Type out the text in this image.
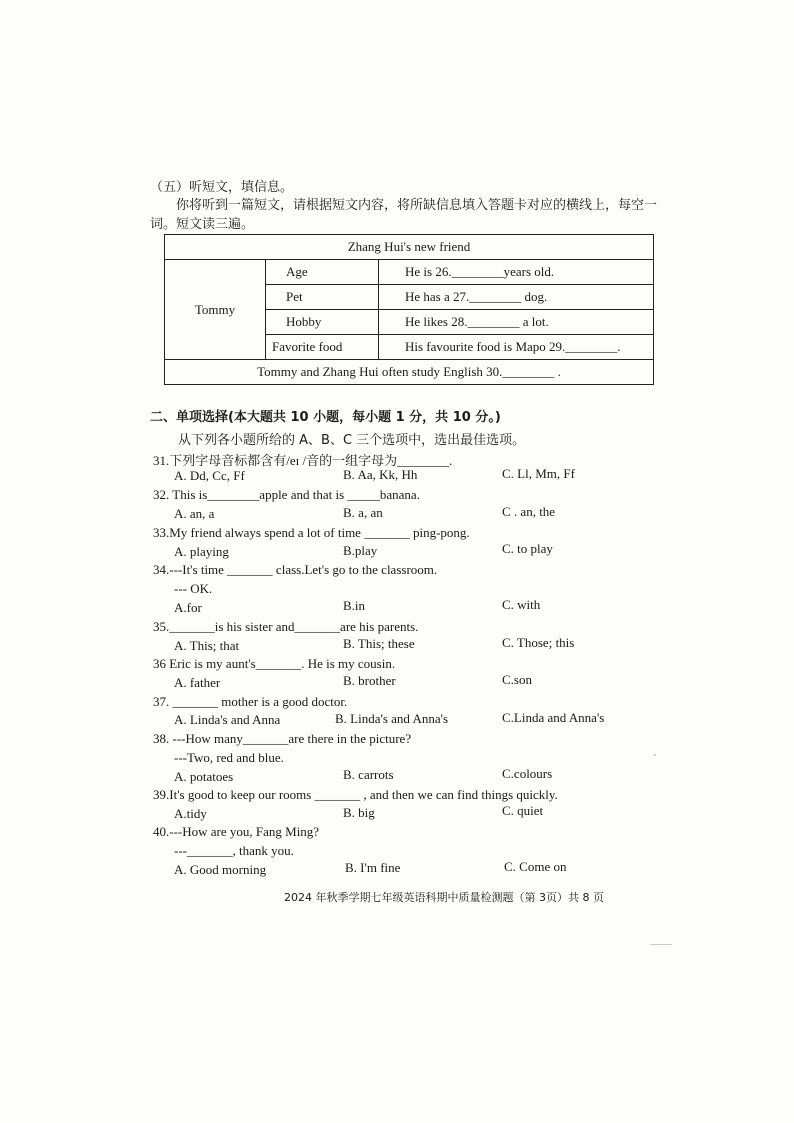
（五）听短文，填信息。
你将听到一篇短文，请根据短文内容，将所缺信息填入答题卡对应的横线上，每空一
词。短文读三遍。
Zhang Hui's new friend		
Tommy	Age	He is 26.________years old.
	Pet	He has a 27.________ dog.
	Hobby	He likes 28.________ a lot.
	Favorite food	His favourite food is Mapo 29.________.
Tommy and Zhang Hui often study English 30.________ .		
二、单项选择(本大题共 10 小题，每小题 1 分，共 10 分。)
从下列各小题所给的 A、B、C 三个选项中，选出最佳选项。
31.下列字母音标都含有/eɪ /音的一组字母为________.
A. Dd, Cc, Ff	B. Aa, Kk, Hh	C. Ll, Mm, Ff
32. This is________apple and that is _____banana.
A. an, a	B. a, an	C . an, the
33.My friend always spend a lot of time _______ ping-pong.
A. playing	B.play	C. to play
34.---It's time _______ class.Let's go to the classroom.
--- OK.
A.for	B.in	C. with
35._______is his sister and_______are his parents.
A. This; that	B. This; these	C. Those; this
36 Eric is my aunt's_______. He is my cousin.
A. father	B. brother	C.son
37. _______ mother is a good doctor.
A. Linda's and Anna	B. Linda's and Anna's	C.Linda and Anna's
38. ---How many_______are there in the picture?
---Two, red and blue.
A. potatoes	B. carrots	C.colours
39.It's good to keep our rooms _______ , and then we can find things quickly.
A.tidy	B. big	C. quiet
40.---How are you, Fang Ming?
---_______, thank you.
A. Good morning	B. I'm fine	C. Come on
2024 年秋季学期七年级英语科期中质量检测题（第 3页）共 8 页
